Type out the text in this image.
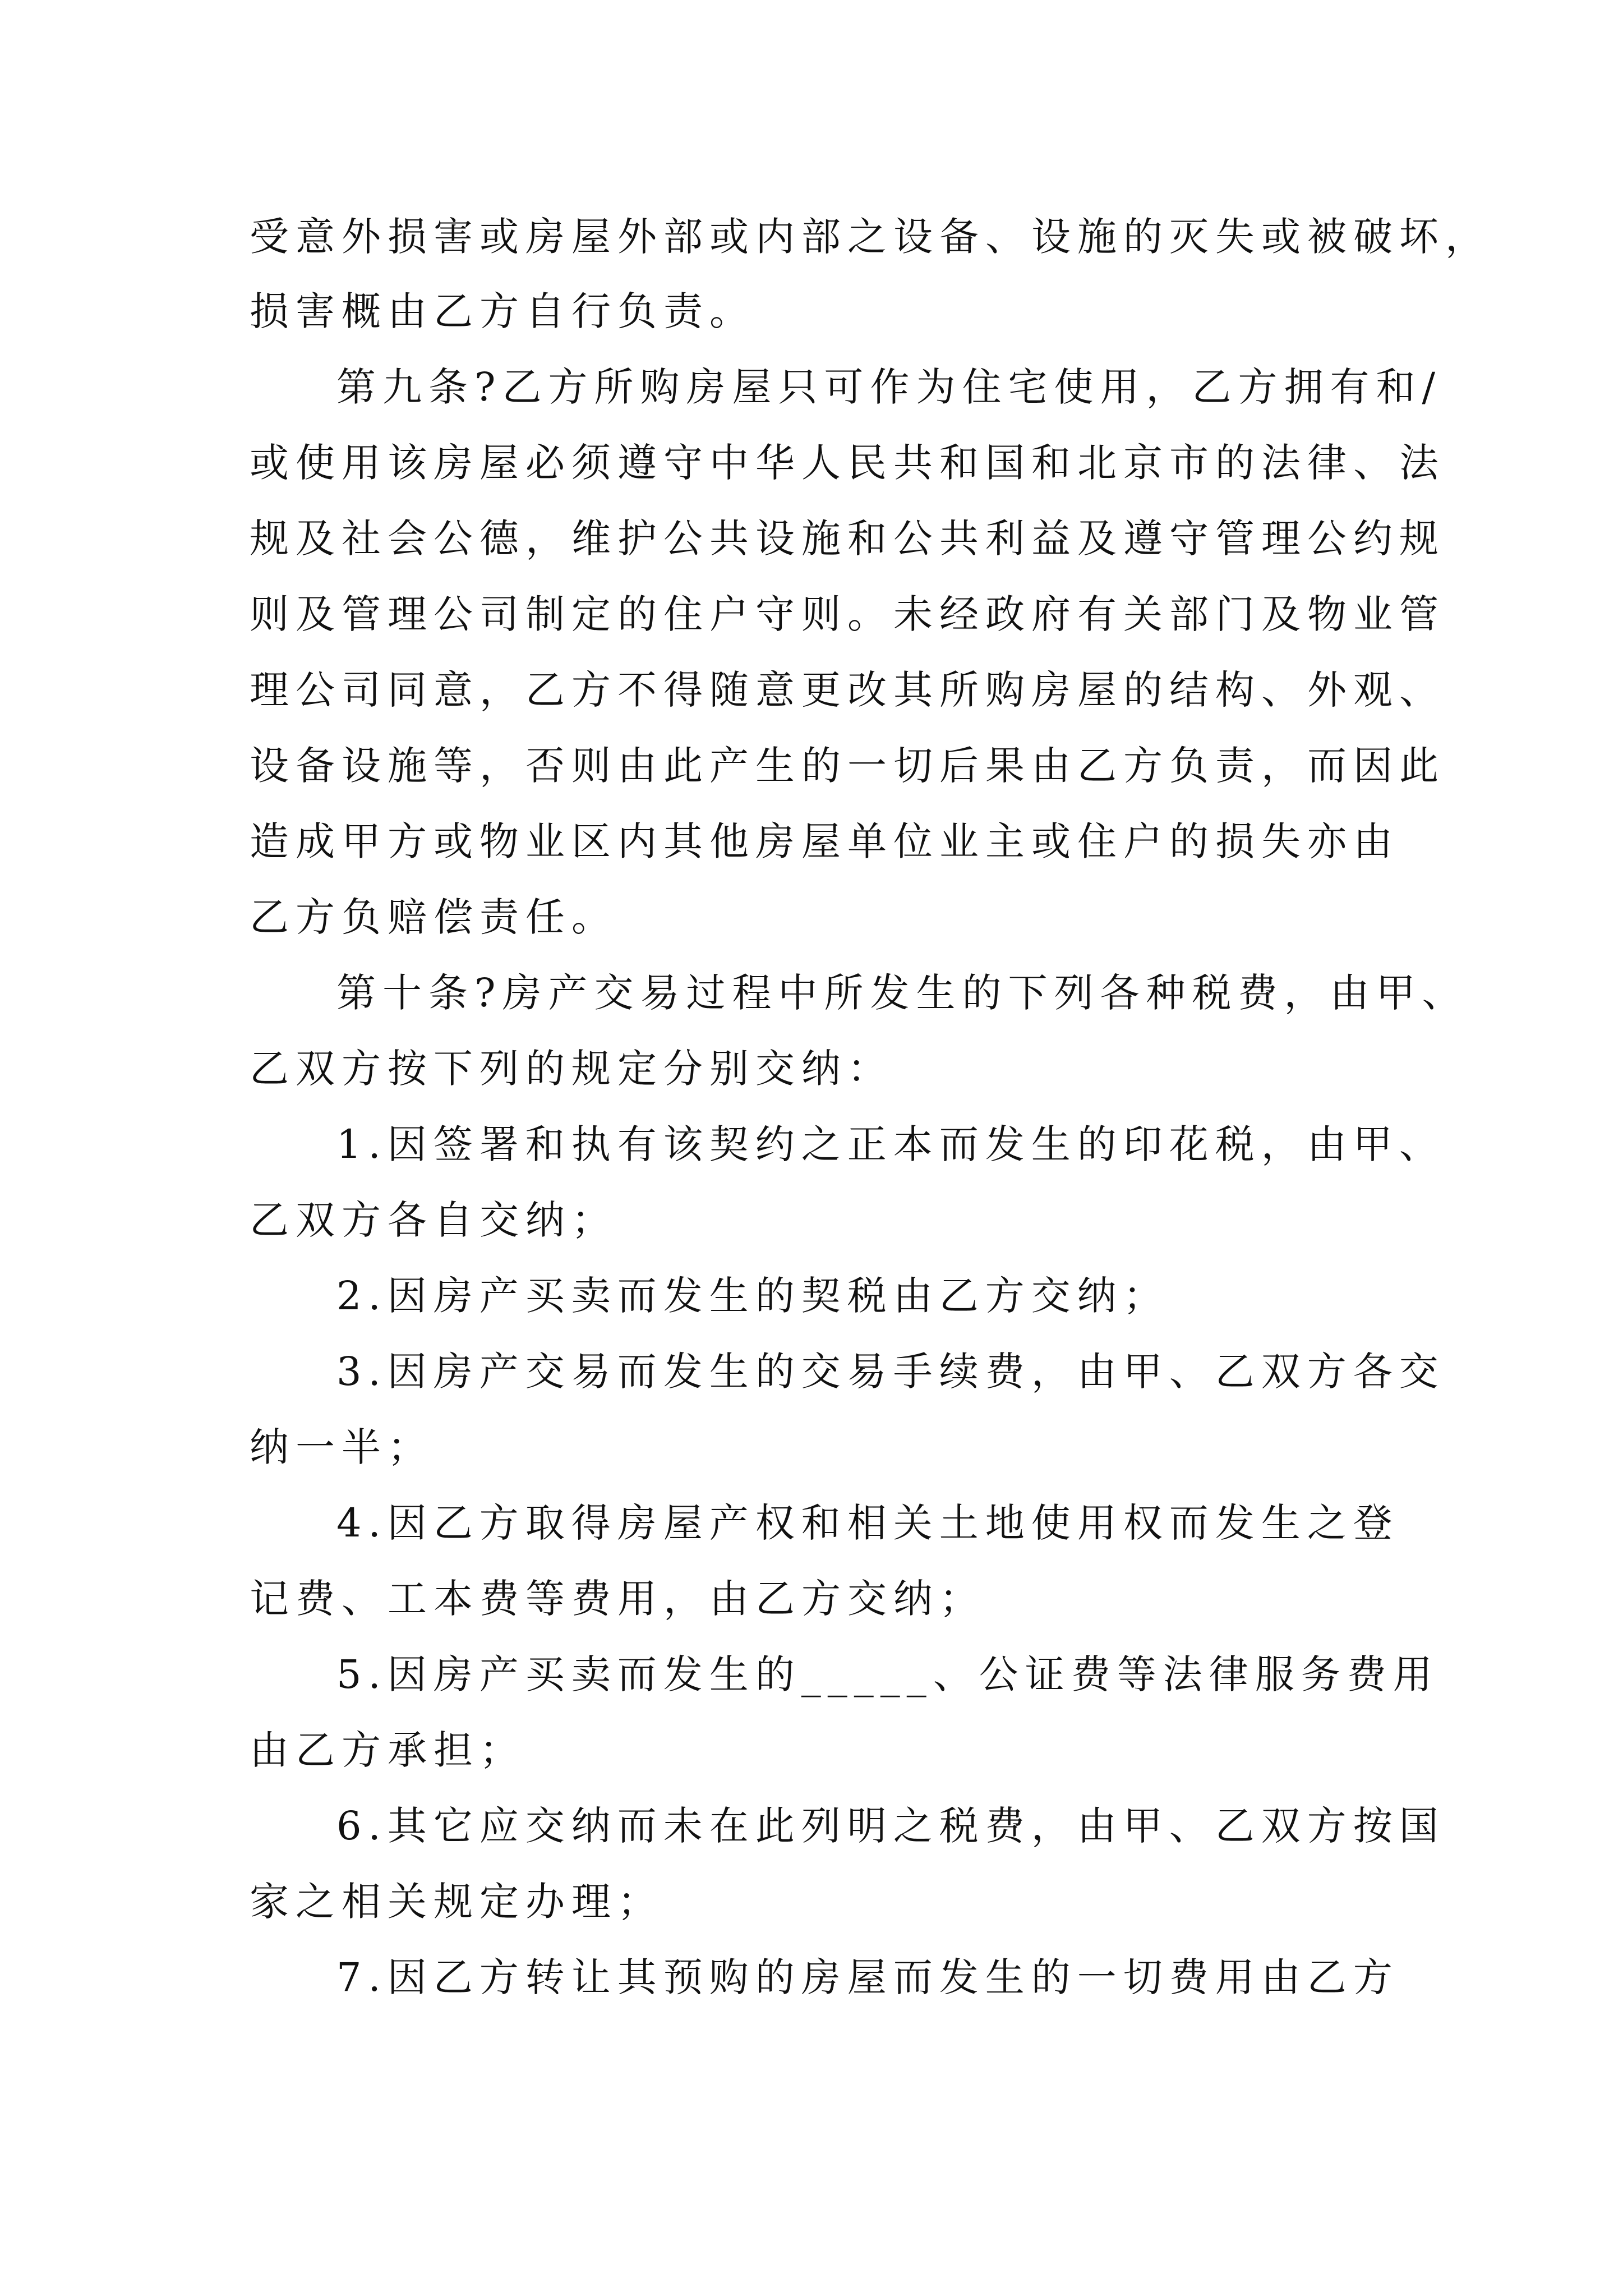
受意外损害或房屋外部或内部之设备、设施的灭失或被破坏，
损害概由乙方自行负责。
第九条?乙方所购房屋只可作为住宅使用，乙方拥有和/
或使用该房屋必须遵守中华人民共和国和北京市的法律、法
规及社会公德，维护公共设施和公共利益及遵守管理公约规
则及管理公司制定的住户守则。未经政府有关部门及物业管
理公司同意，乙方不得随意更改其所购房屋的结构、外观、
设备设施等，否则由此产生的一切后果由乙方负责，而因此
造成甲方或物业区内其他房屋单位业主或住户的损失亦由
乙方负赔偿责任。
第十条?房产交易过程中所发生的下列各种税费，由甲、
乙双方按下列的规定分别交纳：
1.因签署和执有该契约之正本而发生的印花税，由甲、
乙双方各自交纳；
2.因房产买卖而发生的契税由乙方交纳；
3.因房产交易而发生的交易手续费，由甲、乙双方各交
纳一半；
4.因乙方取得房屋产权和相关土地使用权而发生之登
记费、工本费等费用，由乙方交纳；
5.因房产买卖而发生的_____、公证费等法律服务费用
由乙方承担；
6.其它应交纳而未在此列明之税费，由甲、乙双方按国
家之相关规定办理；
7.因乙方转让其预购的房屋而发生的一切费用由乙方
